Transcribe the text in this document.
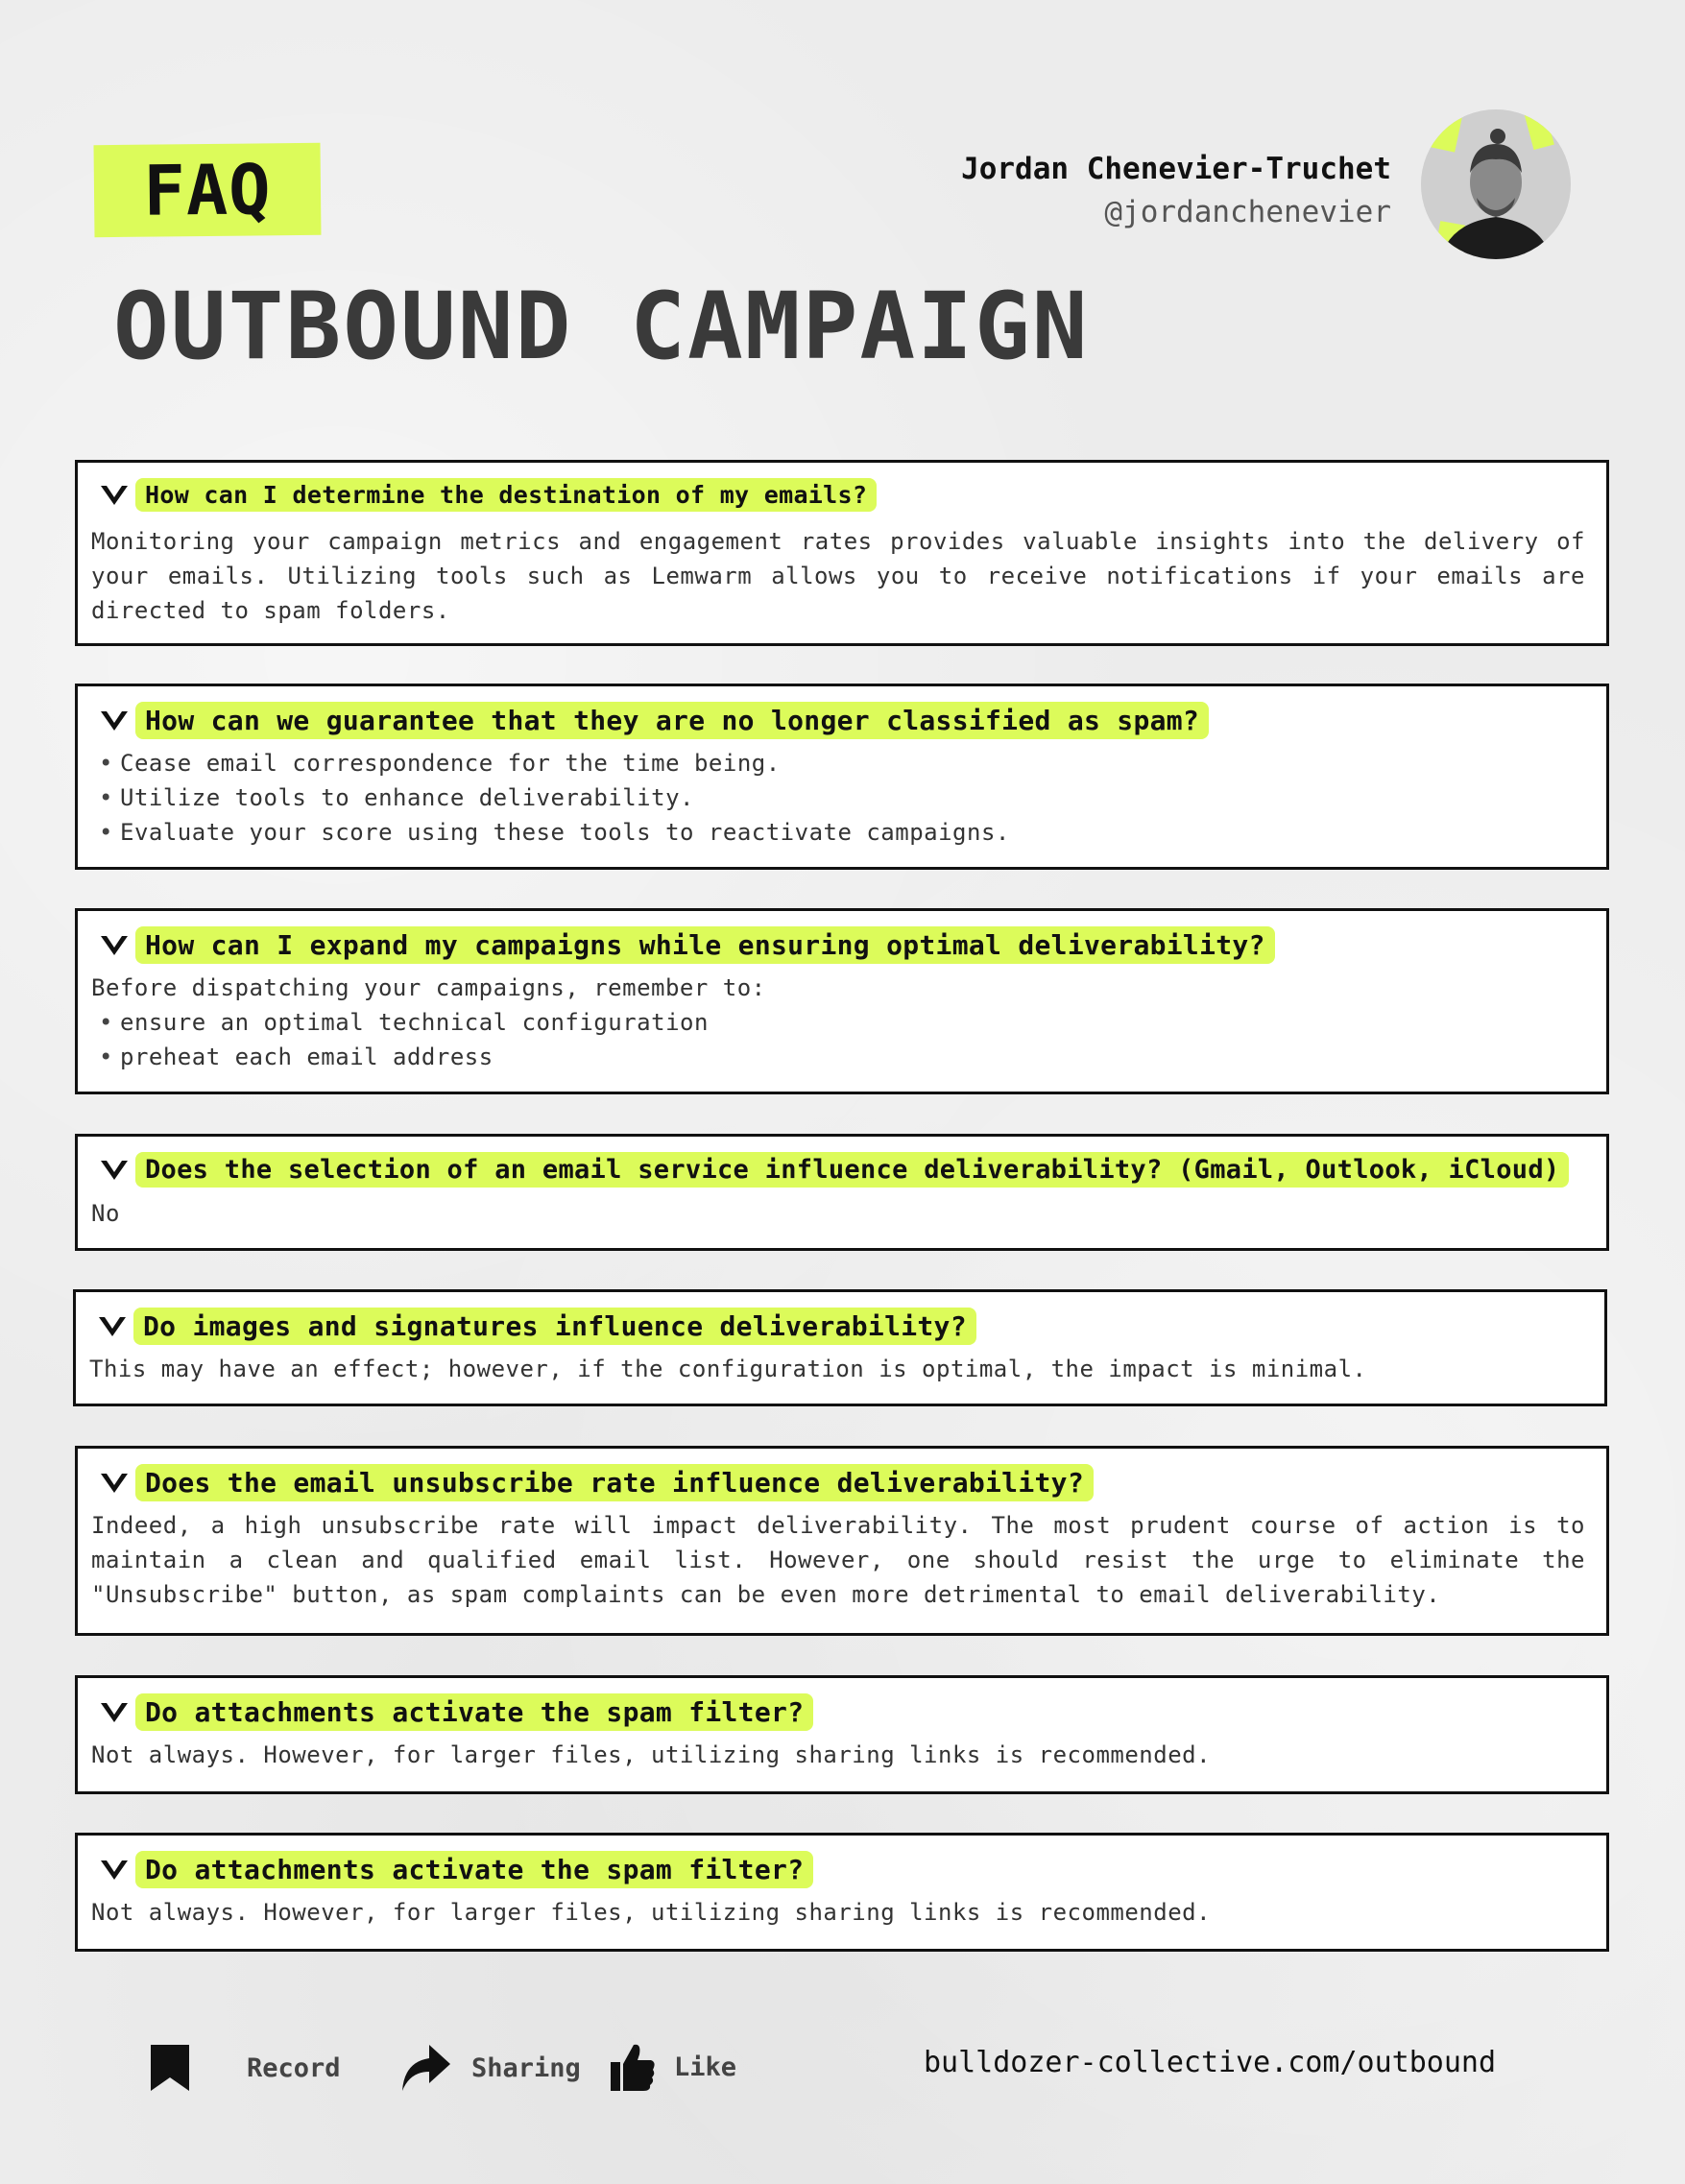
FAQ
OUTBOUND CAMPAIGN
Jordan Chenevier-Truchet
@jordanchenevier
How can I determine the destination of my emails?

Monitoring your campaign metrics and engagement rates provides valuable insights into the delivery of your emails. Utilizing tools such as Lemwarm allows you to receive notifications if your emails are directed to spam folders.

How can we guarantee that they are no longer classified as spam?
• Cease email correspondence for the time being.
• Utilize tools to enhance deliverability.
• Evaluate your score using these tools to reactivate campaigns.
How can I expand my campaigns while ensuring optimal deliverability?
Before dispatching your campaigns, remember to:
• ensure an optimal technical configuration
• preheat each email address
Does the selection of an email service influence deliverability? (Gmail, Outlook, iCloud)

No

Do images and signatures influence deliverability?

This may have an effect; however, if the configuration is optimal, the impact is minimal.

Does the email unsubscribe rate influence deliverability?

Indeed, a high unsubscribe rate will impact deliverability. The most prudent course of action is to maintain a clean and qualified email list. However, one should resist the urge to eliminate the "Unsubscribe" button, as spam complaints can be even more detrimental to email deliverability.

Do attachments activate the spam filter?

Not always. However, for larger files, utilizing sharing links is recommended.

Do attachments activate the spam filter?

Not always. However, for larger files, utilizing sharing links is recommended.

Record	Sharing	Like	bulldozer-collective.com/outbound
